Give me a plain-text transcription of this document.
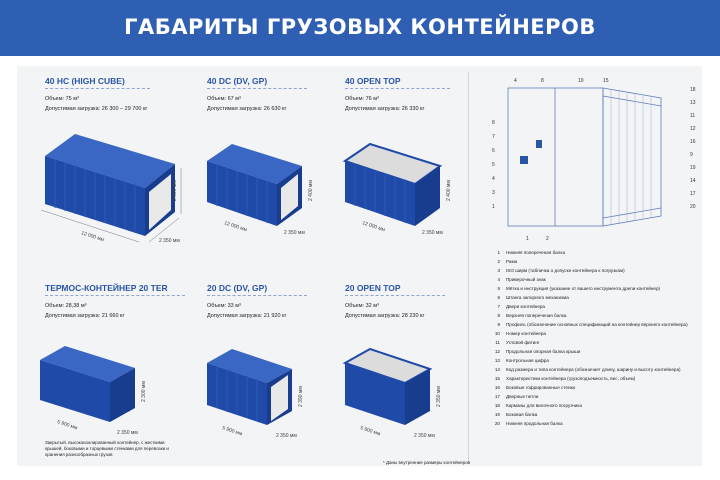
ГАБАРИТЫ ГРУЗОВЫХ КОНТЕЙНЕРОВ
40 HC (HIGH CUBE)
Объем: 75 м³
Допустимая загрузка: 26 300 – 29 700 кг
12 000 мм	2 350 мм
2 690 мм
40 DC (DV, GP)
Объем: 67 м³
Допустимая загрузка: 26 630 кг
12 000 мм	2 350 мм
2 400 мм
40 OPEN TOP
Объем: 76 м³
Допустимая загрузка: 26 330 кг
12 000 мм	2 350 мм
2 400 мм
ТЕРМОС-КОНТЕЙНЕР 20 TER
Объем: 28,38 м³
Допустимая загрузка: 21 660 кг
5 900 мм
2 350 мм
2 300 мм
20 DC (DV, GP)
Объем: 33 м³
Допустимая загрузка: 21 920 кг
5 900 мм	2 350 мм
2 390 мм
20 OPEN TOP
Объем: 32 м³
Допустимая загрузка: 28 230 кг
5 900 мм	2 350 мм
2 350 мм
4	8	10	15
18
13
11
12
16
9
19
14
17
20
8
7
6
5
4
3
1
1	2
1 Нижняя попереченая балка
2 Рама
3 ISO ширм (табличка о допуске контейнера к погрузкам)
4 Приверочный знак
5 Мётка и инструкция (указание от вашего инструмента дрели контейнер)
6 Штанга запорного механизма
7 Двери контейнера
8 Верхняя попереченая балка
9 Профиль (обозначение основных спецификаций на контейнер верхнего контейнера)
10 Номер контейнера
11 Угловой фитинг
12 Продольная опорная балка крыши
13 Контрольная цифра
14 Код размера и типа контейнера (обозначает длину, ширину и высоту контейнера)
15 Характеристики контейнера (грузоподъемность, вес, объем)
16 Боковые гофрированные стенки
17 Дверные петли
18 Карманы для вилочного погрузчика
19 Боковая балка
20 Нижняя продольная балка
Закрытый, высокоизолированный контейнер, с жесткими крышей, боковыми и торцевыми стенками для перевозки и хранения разнообразных грузов
* Даны внутренние размеры контейнеров
